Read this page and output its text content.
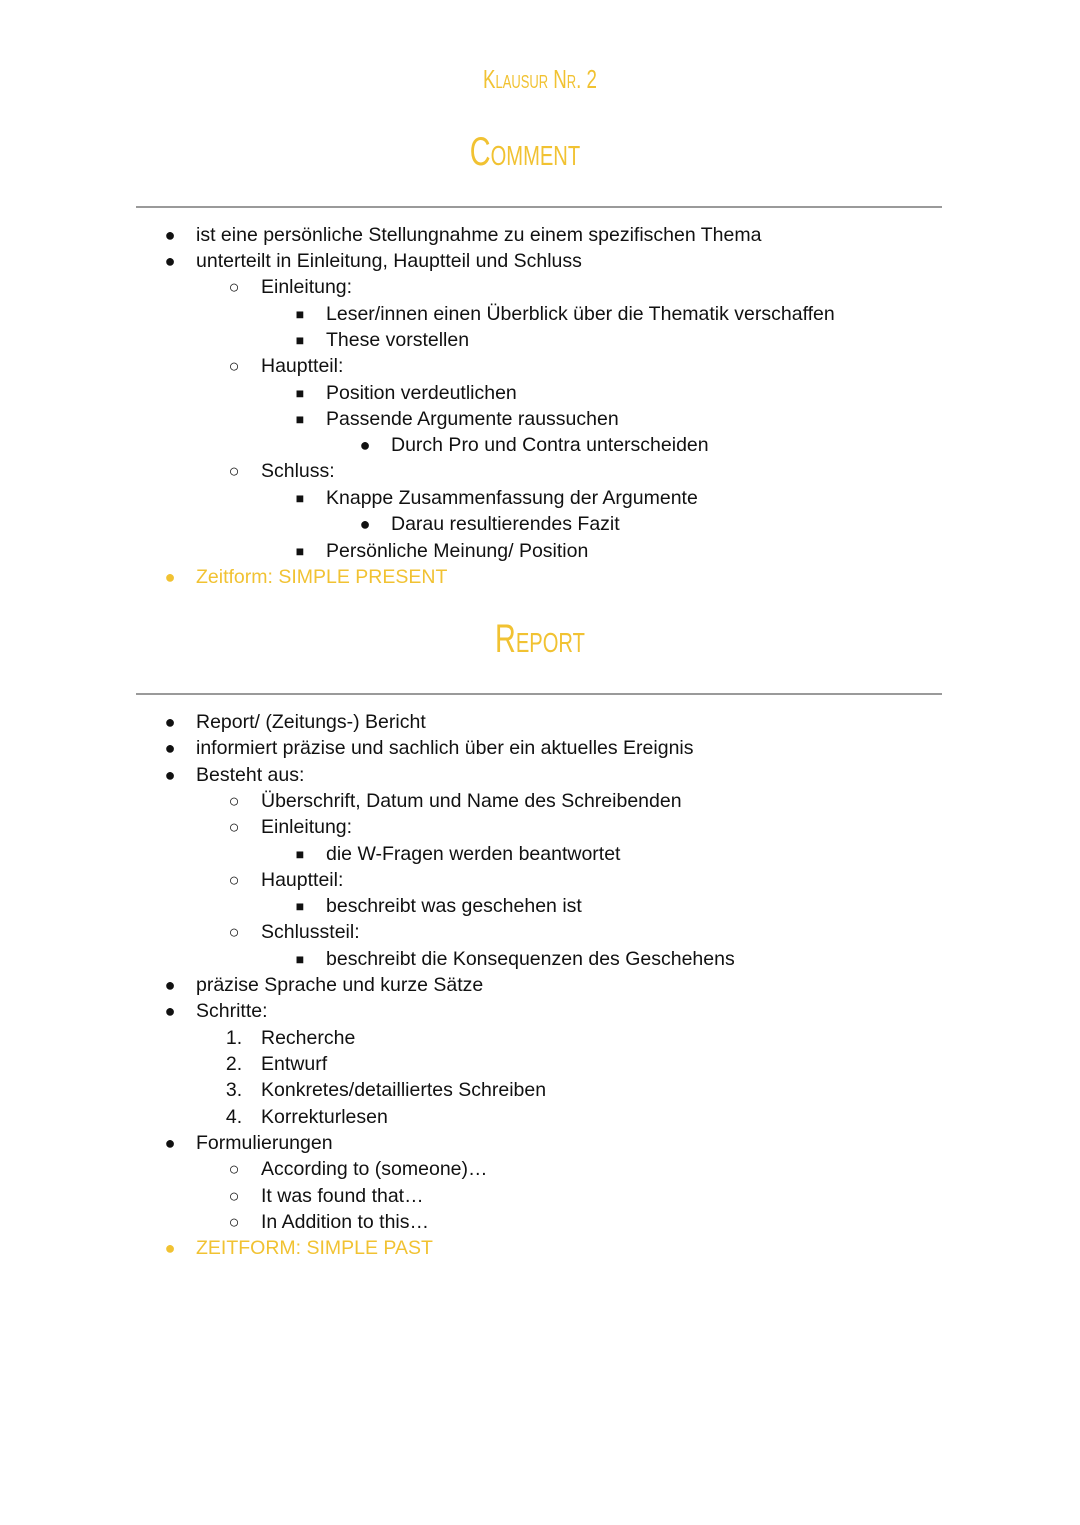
Klausur Nr. 2
Comment
●	ist eine persönliche Stellungnahme zu einem spezifischen Thema
●	unterteilt in Einleitung, Hauptteil und Schluss
○	Einleitung:
■	Leser/innen einen Überblick über die Thematik verschaffen
■	These vorstellen
○	Hauptteil:
■	Position verdeutlichen
■	Passende Argumente raussuchen
●	Durch Pro und Contra unterscheiden
○	Schluss:
■	Knappe Zusammenfassung der Argumente
●	Darau resultierendes Fazit
■	Persönliche Meinung/ Position
●	Zeitform: SIMPLE PRESENT
Report
●	Report/ (Zeitungs-) Bericht
●	informiert präzise und sachlich über ein aktuelles Ereignis
●	Besteht aus:
○	Überschrift, Datum und Name des Schreibenden
○	Einleitung:
■	die W-Fragen werden beantwortet
○	Hauptteil:
■	beschreibt was geschehen ist
○	Schlussteil:
■	beschreibt die Konsequenzen des Geschehens
●	präzise Sprache und kurze Sätze
●	Schritte:
1. Recherche
2. Entwurf
3. Konkretes/detailliertes Schreiben
4. Korrekturlesen
●	Formulierungen
○	According to (someone)…
○	It was found that…
○	In Addition to this…
●	ZEITFORM: SIMPLE PAST
